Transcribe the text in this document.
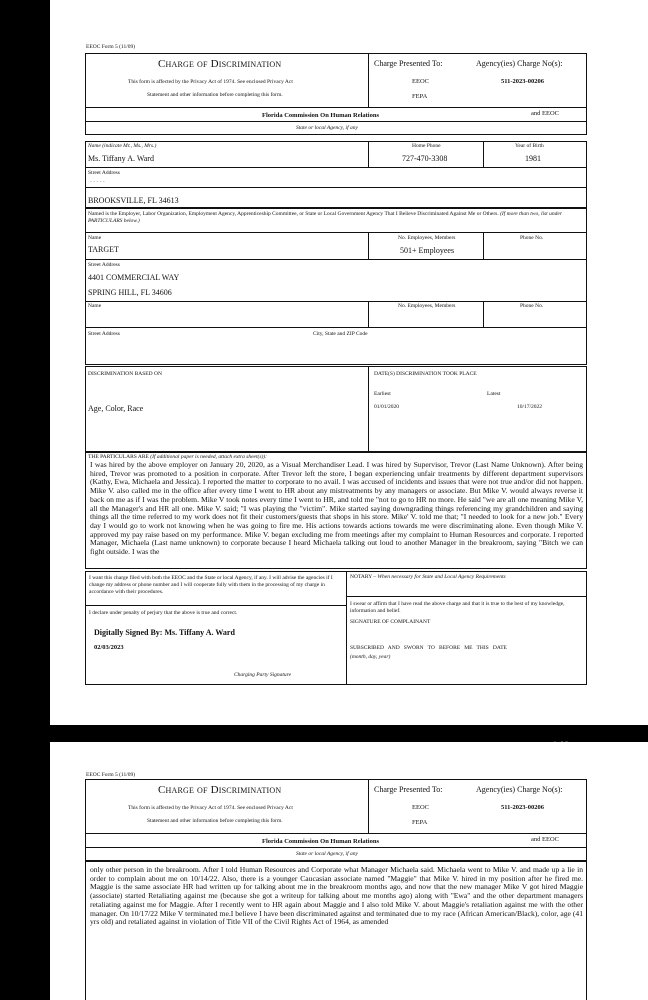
EEOC Form 5 (11/09)
Charge of Discrimination
This form is affected by the Privacy Act of 1974. See enclosed Privacy Act
Statement and other information before completing this form.
Charge Presented To:	Agency(ies) Charge No(s):
EEOC
FEPA
511-2023-00206
Florida Commission On Human Relations
State or local Agency, if any
and EEOC
Name (indicate Mr., Ms., Mrs.)
Ms. Tiffany A. Ward
Home Phone
727-470-3308
Year of Birth
1981
Street Address
- - - - -
BROOKSVILLE, FL 34613
Named is the Employer, Labor Organization, Employment Agency, Apprenticeship Committee, or State or Local Government Agency That I Believe Discriminated Against Me or Others. (If more than two, list under PARTICULARS below.)
Name
TARGET
No. Employees, Members
501+ Employees
Phone No.
Street Address
4401 COMMERCIAL WAY
SPRING HILL, FL 34606
Name	No. Employees, Members	Phone No.
Street Address	City, State and ZIP Code
DISCRIMINATION BASED ON
Age, Color, Race
DATE(S) DISCRIMINATION TOOK PLACE
Earliest	Latest
01/01/2020	10/17/2022
THE PARTICULARS ARE (If additional paper is needed, attach extra sheet(s)):
I was hired by the above employer on January 20, 2020, as a Visual Merchandiser Lead. I was hired by Supervisor, Trevor (Last Name Unknown). After being hired, Trevor was promoted to a position in corporate. After Trevor left the store, I began experiencing unfair treatments by different department supervisors (Kathy, Ewa, Michaela and Jessica). I reported the matter to corporate to no avail. I was accused of incidents and issues that were not true and/or did not happen. Mike V. also called me in the office after every time I went to HR about any mistreatments by any managers or associate. But Mike V. would always reverse it back on me as if I was the problem. Mike V took notes every time I went to HR, and told me "not to go to HR no more. He said "we are all one meaning Mike V, all the Manager's and HR all one. Mike V. said; "I was playing the "victim". Mike started saying downgrading things referencing my grandchildren and saying things all the time referred to my work does not fit their customers/guests that shops in his store. Mike' V. told me that; "I needed to look for a new job." Every day I would go to work not knowing when he was going to fire me. His actions towards actions towards me were discriminating alone. Even though Mike V. approved my pay raise based on my performance. Mike V. began excluding me from meetings after my complaint to Human Resources and corporate. I reported Manager, Michaela (Last name unknown) to corporate because I heard Michaela talking out loud to another Manager in the breakroom, saying "Bitch we can fight outside. I was the
I want this charge filed with both the EEOC and the State or local Agency, if any. I will advise the agencies if I change my address or phone number and I will cooperate fully with them in the processing of my charge in accordance with their procedures.
NOTARY – When necessary for State and Local Agency Requirements
I declare under penalty of perjury that the above is true and correct.
I swear or affirm that I have read the above charge and that it is true to the best of my knowledge, information and belief.
SIGNATURE OF COMPLAINANT
Digitally Signed By: Ms. Tiffany A. Ward
02/03/2023	SUBSCRIBED   AND   SWORN   TO   BEFORE   ME   THIS   DATE
(month, day, year)
Charging Party Signature
EEOC Form 5 (11/09)
Charge of Discrimination
This form is affected by the Privacy Act of 1974. See enclosed Privacy Act
Statement and other information before completing this form.
Charge Presented To:	Agency(ies) Charge No(s):
EEOC
FEPA
511-2023-00206
Florida Commission On Human Relations
State or local Agency, if any
and EEOC
only other person in the breakroom. After I told Human Resources and Corporate what Manager Michaela said. Michaela went to Mike V. and made up a lie in order to complain about me on 10/14/22. Also, there is a younger Caucasian associate named "Maggie" that Mike V. hired in my position after he fired me. Maggie is the same associate HR had written up for talking about me in the breakroom months ago, and now that the new manager Mike V got hired Maggie (associate) started Retaliating against me (because she got a writeup for talking about me months ago) along with "Ewa" and the other department managers retaliating against me for Maggie. After I recently went to HR again about Maggie and I also told Mike V. about Maggie's retaliation against me with the other manager. On 10/17/22 Mike V terminated me.I believe I have been discriminated against and terminated due to my race (African American/Black), color, age (41 yrs old) and retaliated against in violation of Title VII of the Civil Rights Act of 1964, as amended
